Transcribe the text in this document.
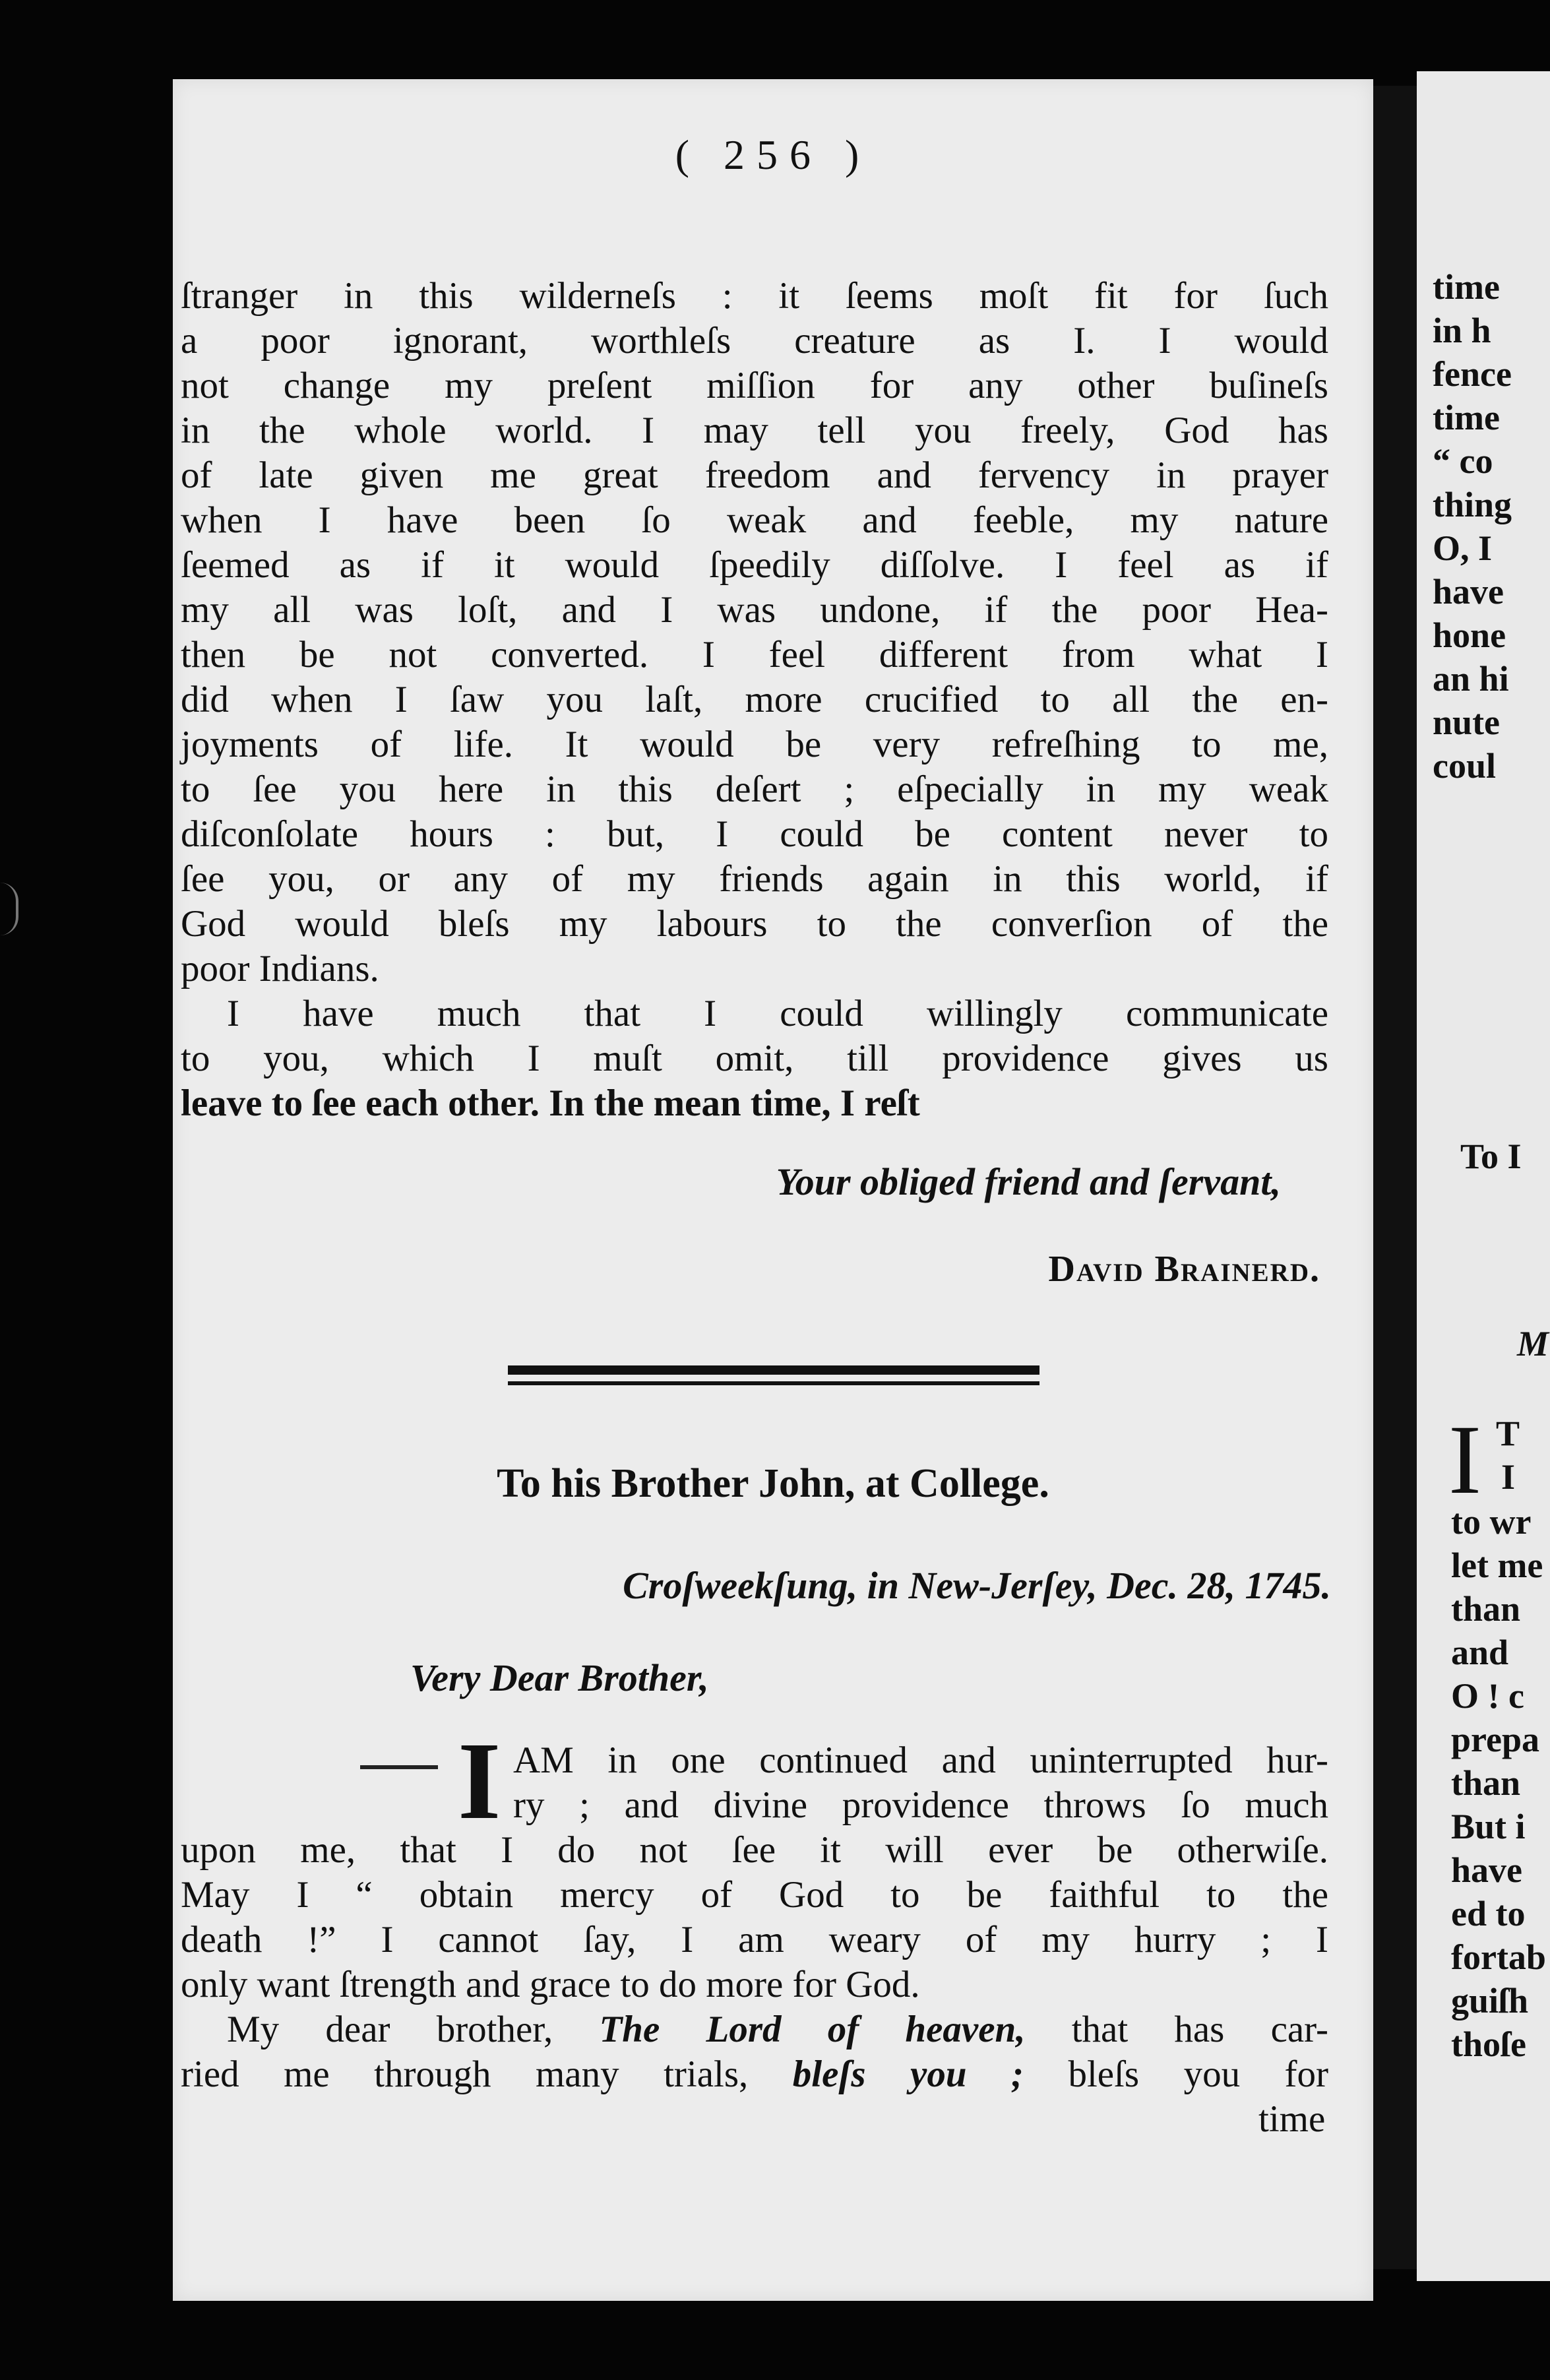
( 256 )
ſtranger in this wilderneſs : it ſeems moſt fit for ſuch
a poor ignorant, worthleſs creature as I. I would
not change my preſent miſſion for any other buſineſs
in the whole world. I may tell you freely, God has
of late given me great freedom and fervency in prayer
when I have been ſo weak and feeble, my nature
ſeemed as if it would ſpeedily diſſolve. I feel as if
my all was loſt, and I was undone, if the poor Hea-
then be not converted. I feel different from what I
did when I ſaw you laſt, more crucified to all the en-
joyments of life. It would be very refreſhing to me,
to ſee you here in this deſert ; eſpecially in my weak
diſconſolate hours : but, I could be content never to
ſee you, or any of my friends again in this world, if
God would bleſs my labours to the converſion of the
poor Indians.
I have much that I could willingly communicate
to you, which I muſt omit, till providence gives us
leave to ſee each other. In the mean time, I reſt
Your obliged friend and ſervant,
David Brainerd.
To his Brother John, at College.
Croſweekſung, in New-Jerſey, Dec. 28, 1745.
Very Dear Brother,
I AM in one continued and uninterrupted hur-
ry ; and divine providence throws ſo much
upon me, that I do not ſee it will ever be otherwiſe.
May I “ obtain mercy of God to be faithful to the
death !” I cannot ſay, I am weary of my hurry ; I
only want ſtrength and grace to do more for God.
My dear brother, The Lord of heaven, that has car-
ried me through many trials, bleſs you ; bleſs you for
time
time
in h
fence
time
“ co
thing
O, I
have
hone
an hi
nute
coul
To I
M
I T
I
to wr
let me
than
and
O ! c
prepa
than
But i
have
ed to
fortab
guiſh
thoſe
